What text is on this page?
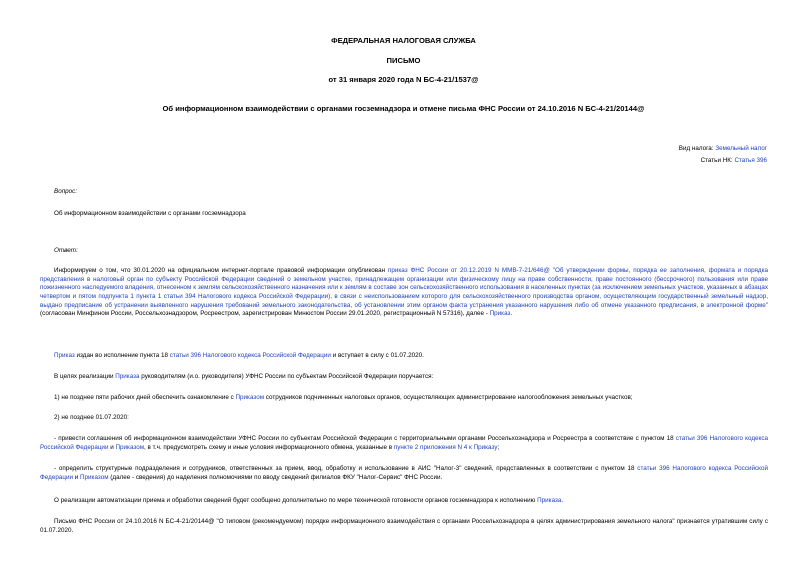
ФЕДЕРАЛЬНАЯ НАЛОГОВАЯ СЛУЖБА
ПИСЬМО
от 31 января 2020 года N БС-4-21/1537@
Об информационном взаимодействии с органами госземнадзора и отмене письма ФНС России от 24.10.2016 N БС-4-21/20144@
Вид налога: Земельный налог
Статьи НК: Статья 396
Вопрос:
Об информационном взаимодействии с органами госземнадзора
Ответ:
Информируем о том, что 30.01.2020 на официальном интернет-портале правовой информации опубликован приказ ФНС России от 20.12.2019 N ММВ-7-21/646@ "Об утверждении формы, порядка ее заполнения, формата и порядка представления в налоговый орган по субъекту Российской Федерации сведений о земельном участке, принадлежащем организации или физическому лицу на праве собственности, праве постоянного (бессрочного) пользования или праве пожизненного наследуемого владения, отнесенном к землям сельскохозяйственного назначения или к землям в составе зон сельскохозяйственного использования в населенных пунктах (за исключением земельных участков, указанных в абзацах четвертом и пятом подпункта 1 пункта 1 статьи 394 Налогового кодекса Российской Федерации), в связи с неиспользованием которого для сельскохозяйственного производства органом, осуществляющим государственный земельный надзор, выдано предписание об устранении выявленного нарушения требований земельного законодательства, об установлении этим органом факта устранения указанного нарушения либо об отмене указанного предписания, в электронной форме" (согласован Минфином России, Россельхознадзором, Росреестром, зарегистрирован Минюстом России 29.01.2020, регистрационный N 57316), далее - Приказ.
Приказ издан во исполнение пункта 18 статьи 396 Налогового кодекса Российской Федерации и вступает в силу с 01.07.2020.
В целях реализации Приказа руководителям (и.о. руководителя) УФНС России по субъектам Российской Федерации поручается:
1) не позднее пяти рабочих дней обеспечить ознакомление с Приказом сотрудников подчиненных налоговых органов, осуществляющих администрирование налогообложения земельных участков;
2) не позднее 01.07.2020:
- привести соглашения об информационном взаимодействии УФНС России по субъектам Российской Федерации с территориальными органами Россельхознадзора и Росреестра в соответствие с пунктом 18 статьи 396 Налогового кодекса Российской Федерации и Приказом, в т.ч. предусмотреть схему и иные условия информационного обмена, указанные в пункте 2 приложения N 4 к Приказу;
- определить структурные подразделения и сотрудников, ответственных за прием, ввод, обработку и использование в АИС "Налог-3" сведений, представленных в соответствии с пунктом 18 статьи 396 Налогового кодекса Российской Федерации и Приказом (далее - сведения) до наделения полномочиями по вводу сведений филиалов ФКУ "Налог-Сервис" ФНС России.
О реализации автоматизации приема и обработки сведений будет сообщено дополнительно по мере технической готовности органов госземнадзора к исполнению Приказа.
Письмо ФНС России от 24.10.2016 N БС-4-21/20144@ "О типовом (рекомендуемом) порядке информационного взаимодействия с органами Россельхознадзора в целях администрирования земельного налога" признается утратившим силу с 01.07.2020.
